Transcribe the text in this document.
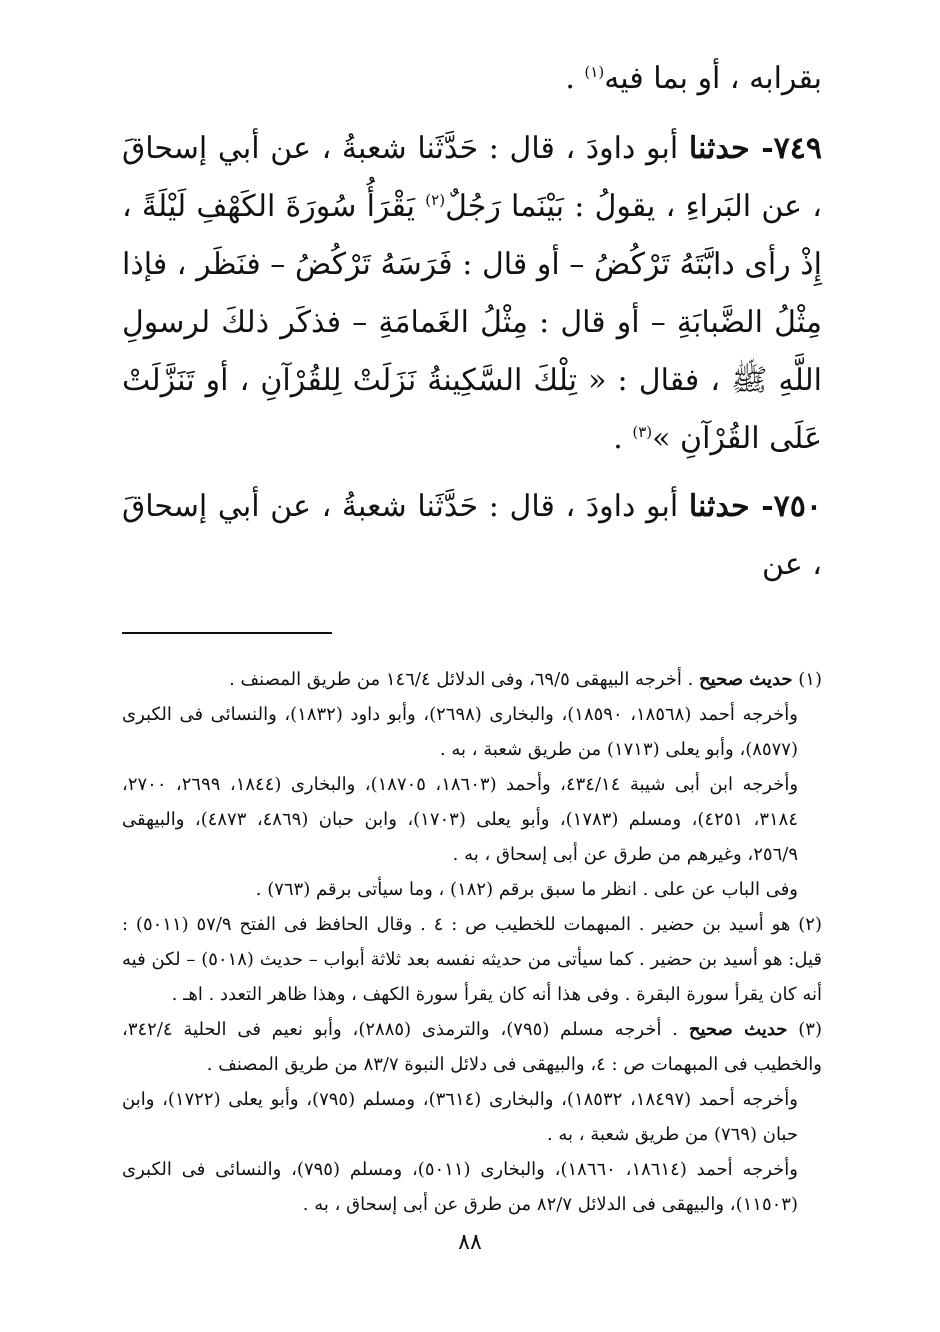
بقرابه ، أو بما فيه$^{(١)}$ .

٧٤٩- حدثنا أبو داودَ ، قال : حَدَّثَنا شعبةُ ، عن أبي إسحاقَ ، عن البَراءِ ، يقولُ : بَيْنَما رَجُلٌ$^{(٢)}$ يَقْرَأُ سُورَةَ الكَهْفِ لَيْلَةً ، إِذْ رأى دابَّتَهُ تَرْكُضُ – أو قال : فَرَسَهُ تَرْكُضُ – فنَظَر ، فإذا مِثْلُ الضَّبابَةِ – أو قال : مِثْلُ الغَمامَةِ – فذكَر ذلكَ لرسولِ اللَّهِ ﷺ ، فقال : « تِلْكَ السَّكِينةُ نَزَلَتْ لِلقُرْآنِ ، أو تَنَزَّلَتْ عَلَى القُرْآنِ »$^{(٣)}$ .

٧٥٠- حدثنا أبو داودَ ، قال : حَدَّثَنا شعبةُ ، عن أبي إسحاقَ ، عن

(١) حديث صحيح . أخرجه البيهقى ٦٩/٥، وفى الدلائل ١٤٦/٤ من طريق المصنف .

وأخرجه أحمد (١٨٥٦٨، ١٨٥٩٠)، والبخارى (٢٦٩٨)، وأبو داود (١٨٣٢)، والنسائى فى الكبرى (٨٥٧٧)، وأبو يعلى (١٧١٣) من طريق شعبة ، به .

وأخرجه ابن أبى شيبة ٤٣٤/١٤، وأحمد (١٨٦٠٣، ١٨٧٠٥)، والبخارى (١٨٤٤، ٢٦٩٩، ٢٧٠٠، ٣١٨٤، ٤٢٥١)، ومسلم (١٧٨٣)، وأبو يعلى (١٧٠٣)، وابن حبان (٤٨٦٩، ٤٨٧٣)، والبيهقى ٢٥٦/٩، وغيرهم من طرق عن أبى إسحاق ، به .

وفى الباب عن على . انظر ما سبق برقم (١٨٢) ، وما سيأتى برقم (٧٦٣) .

(٢) هو أسيد بن حضير . المبهمات للخطيب ص : ٤ . وقال الحافظ فى الفتح ٥٧/٩ (٥٠١١) : قيل: هو أسيد بن حضير . كما سيأتى من حديثه نفسه بعد ثلاثة أبواب – حديث (٥٠١٨) – لكن فيه أنه كان يقرأ سورة البقرة . وفى هذا أنه كان يقرأ سورة الكهف ، وهذا ظاهر التعدد . اهـ .

(٣) حديث صحيح . أخرجه مسلم (٧٩٥)، والترمذى (٢٨٨٥)، وأبو نعيم فى الحلية ٣٤٢/٤، والخطيب فى المبهمات ص : ٤، والبيهقى فى دلائل النبوة ٨٣/٧ من طريق المصنف .

وأخرجه أحمد (١٨٤٩٧، ١٨٥٣٢)، والبخارى (٣٦١٤)، ومسلم (٧٩٥)، وأبو يعلى (١٧٢٢)، وابن حبان (٧٦٩) من طريق شعبة ، به .

وأخرجه أحمد (١٨٦١٤، ١٨٦٦٠)، والبخارى (٥٠١١)، ومسلم (٧٩٥)، والنسائى فى الكبرى (١١٥٠٣)، والبيهقى فى الدلائل ٨٢/٧ من طرق عن أبى إسحاق ، به .

٨٨
